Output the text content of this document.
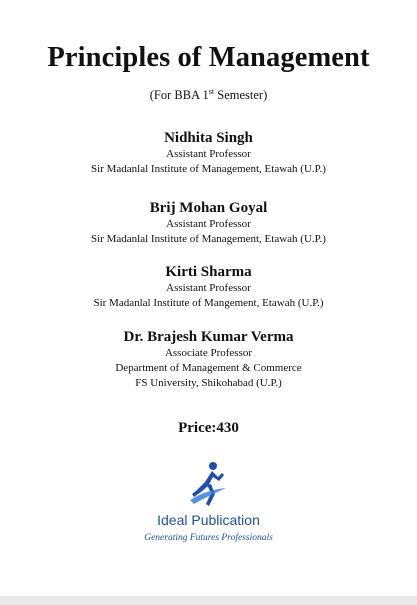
Principles of Management
(For BBA 1st Semester)
Nidhita Singh
Assistant Professor
Sir Madanlal Institute of Management, Etawah (U.P.)
Brij Mohan Goyal
Assistant Professor
Sir Madanlal Institute of Management, Etawah (U.P.)
Kirti Sharma
Assistant Professor
Sir Madanlal Institute of Mangement, Etawah (U.P.)
Dr. Brajesh Kumar Verma
Associate Professor
Department of Management & Commerce
FS University, Shikohabad (U.P.)
Price:430
Ideal Publication
Generating Futures Professionals
